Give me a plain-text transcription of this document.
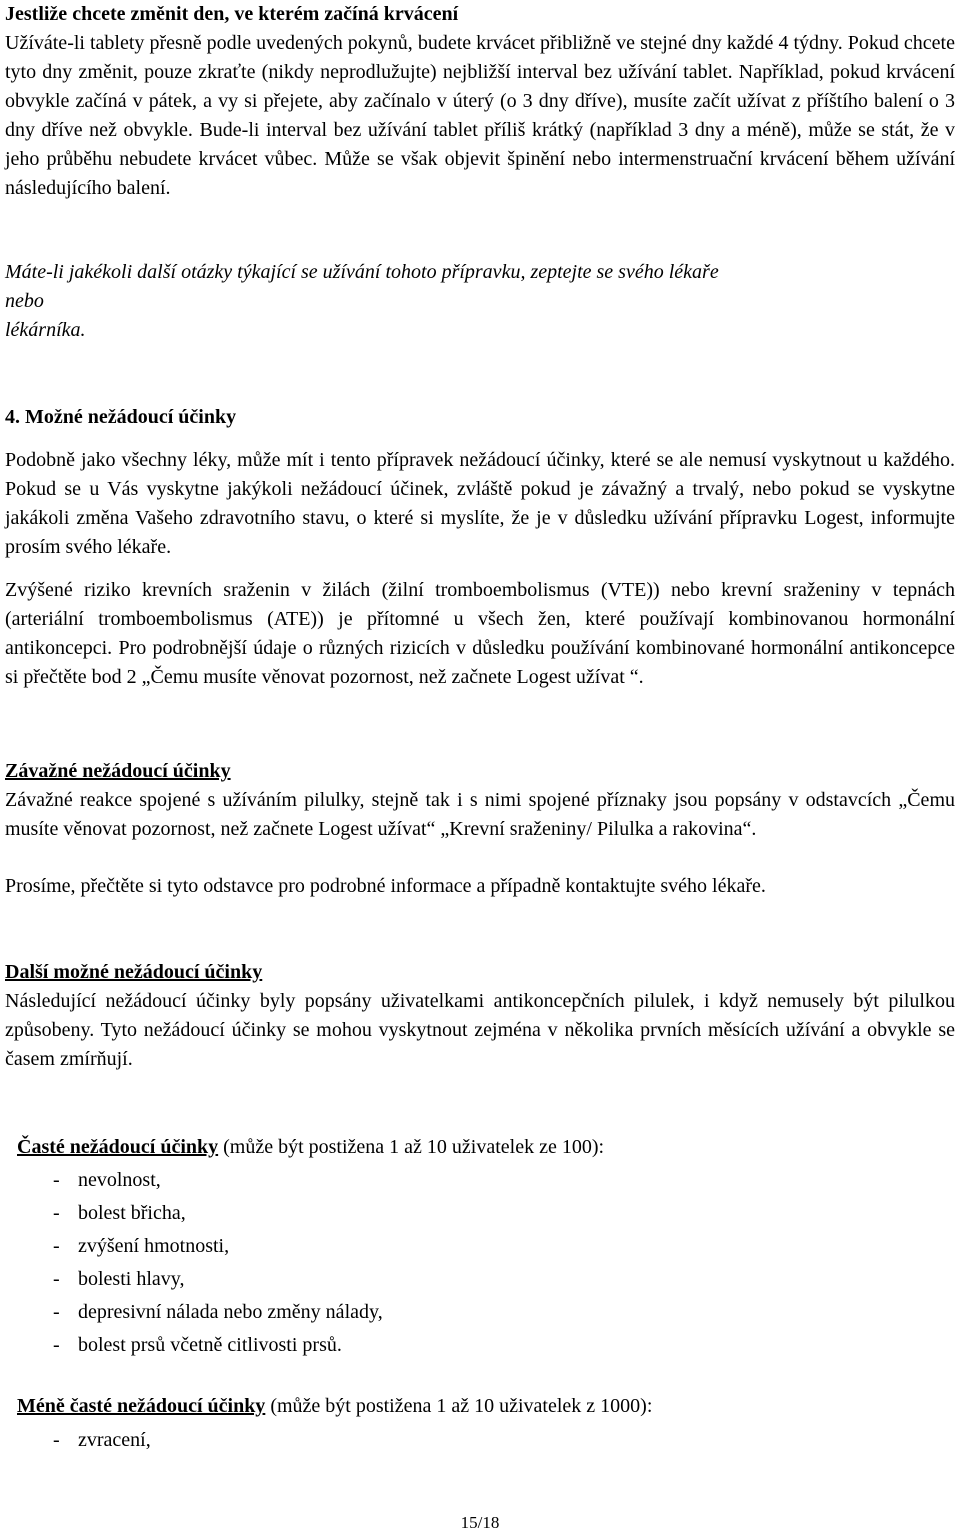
Jestliže chcete změnit den, ve kterém začíná krvácení
Užíváte-li tablety přesně podle uvedených pokynů, budete krvácet přibližně ve stejné dny každé 4 týdny. Pokud chcete tyto dny změnit, pouze zkraťte (nikdy neprodlužujte) nejbližší interval bez užívání tablet. Například, pokud krvácení obvykle začíná v pátek, a vy si přejete, aby začínalo v úterý (o 3 dny dříve), musíte začít užívat z příštího balení o 3 dny dříve než obvykle. Bude-li interval bez užívání tablet příliš krátký (například 3 dny a méně), může se stát, že v jeho průběhu nebudete krvácet vůbec. Může se však objevit špinění nebo intermenstruační krvácení během užívání následujícího balení.
Máte-li jakékoli další otázky týkající se užívání tohoto přípravku, zeptejte se svého lékaře
nebo
lékárníka.
4. Možné nežádoucí účinky
Podobně jako všechny léky, může mít i tento přípravek nežádoucí účinky, které se ale nemusí vyskytnout u každého. Pokud se u Vás vyskytne jakýkoli nežádoucí účinek, zvláště pokud je závažný a trvalý, nebo pokud se vyskytne jakákoli změna Vašeho zdravotního stavu, o které si myslíte, že je v důsledku užívání přípravku Logest, informujte prosím svého lékaře.
Zvýšené riziko krevních sraženin v žilách (žilní tromboembolismus (VTE)) nebo krevní sraženiny v tepnách (arteriální tromboembolismus (ATE)) je přítomné u všech žen, které používají kombinovanou hormonální antikoncepci. Pro podrobnější údaje o různých rizicích v důsledku používání kombinované hormonální antikoncepce si přečtěte bod 2 „Čemu musíte věnovat pozornost, než začnete Logest užívat “.
Závažné nežádoucí účinky
Závažné reakce spojené s užíváním pilulky, stejně tak i s nimi spojené příznaky jsou popsány v odstavcích „Čemu musíte věnovat pozornost, než začnete Logest užívat“ „Krevní sraženiny/ Pilulka a rakovina“.
Prosíme, přečtěte si tyto odstavce pro podrobné informace a případně kontaktujte svého lékaře.
Další možné nežádoucí účinky
Následující nežádoucí účinky byly popsány uživatelkami antikoncepčních pilulek, i když nemusely být pilulkou způsobeny. Tyto nežádoucí účinky se mohou vyskytnout zejména v několika prvních měsících užívání a obvykle se časem zmírňují.
Časté nežádoucí účinky (může být postižena 1 až 10 uživatelek ze 100):
- nevolnost,
- bolest břicha,
- zvýšení hmotnosti,
- bolesti hlavy,
- depresivní nálada nebo změny nálady,
- bolest prsů včetně citlivosti prsů.
Méně časté nežádoucí účinky (může být postižena 1 až 10 uživatelek z 1000):
- zvracení,
15/18
